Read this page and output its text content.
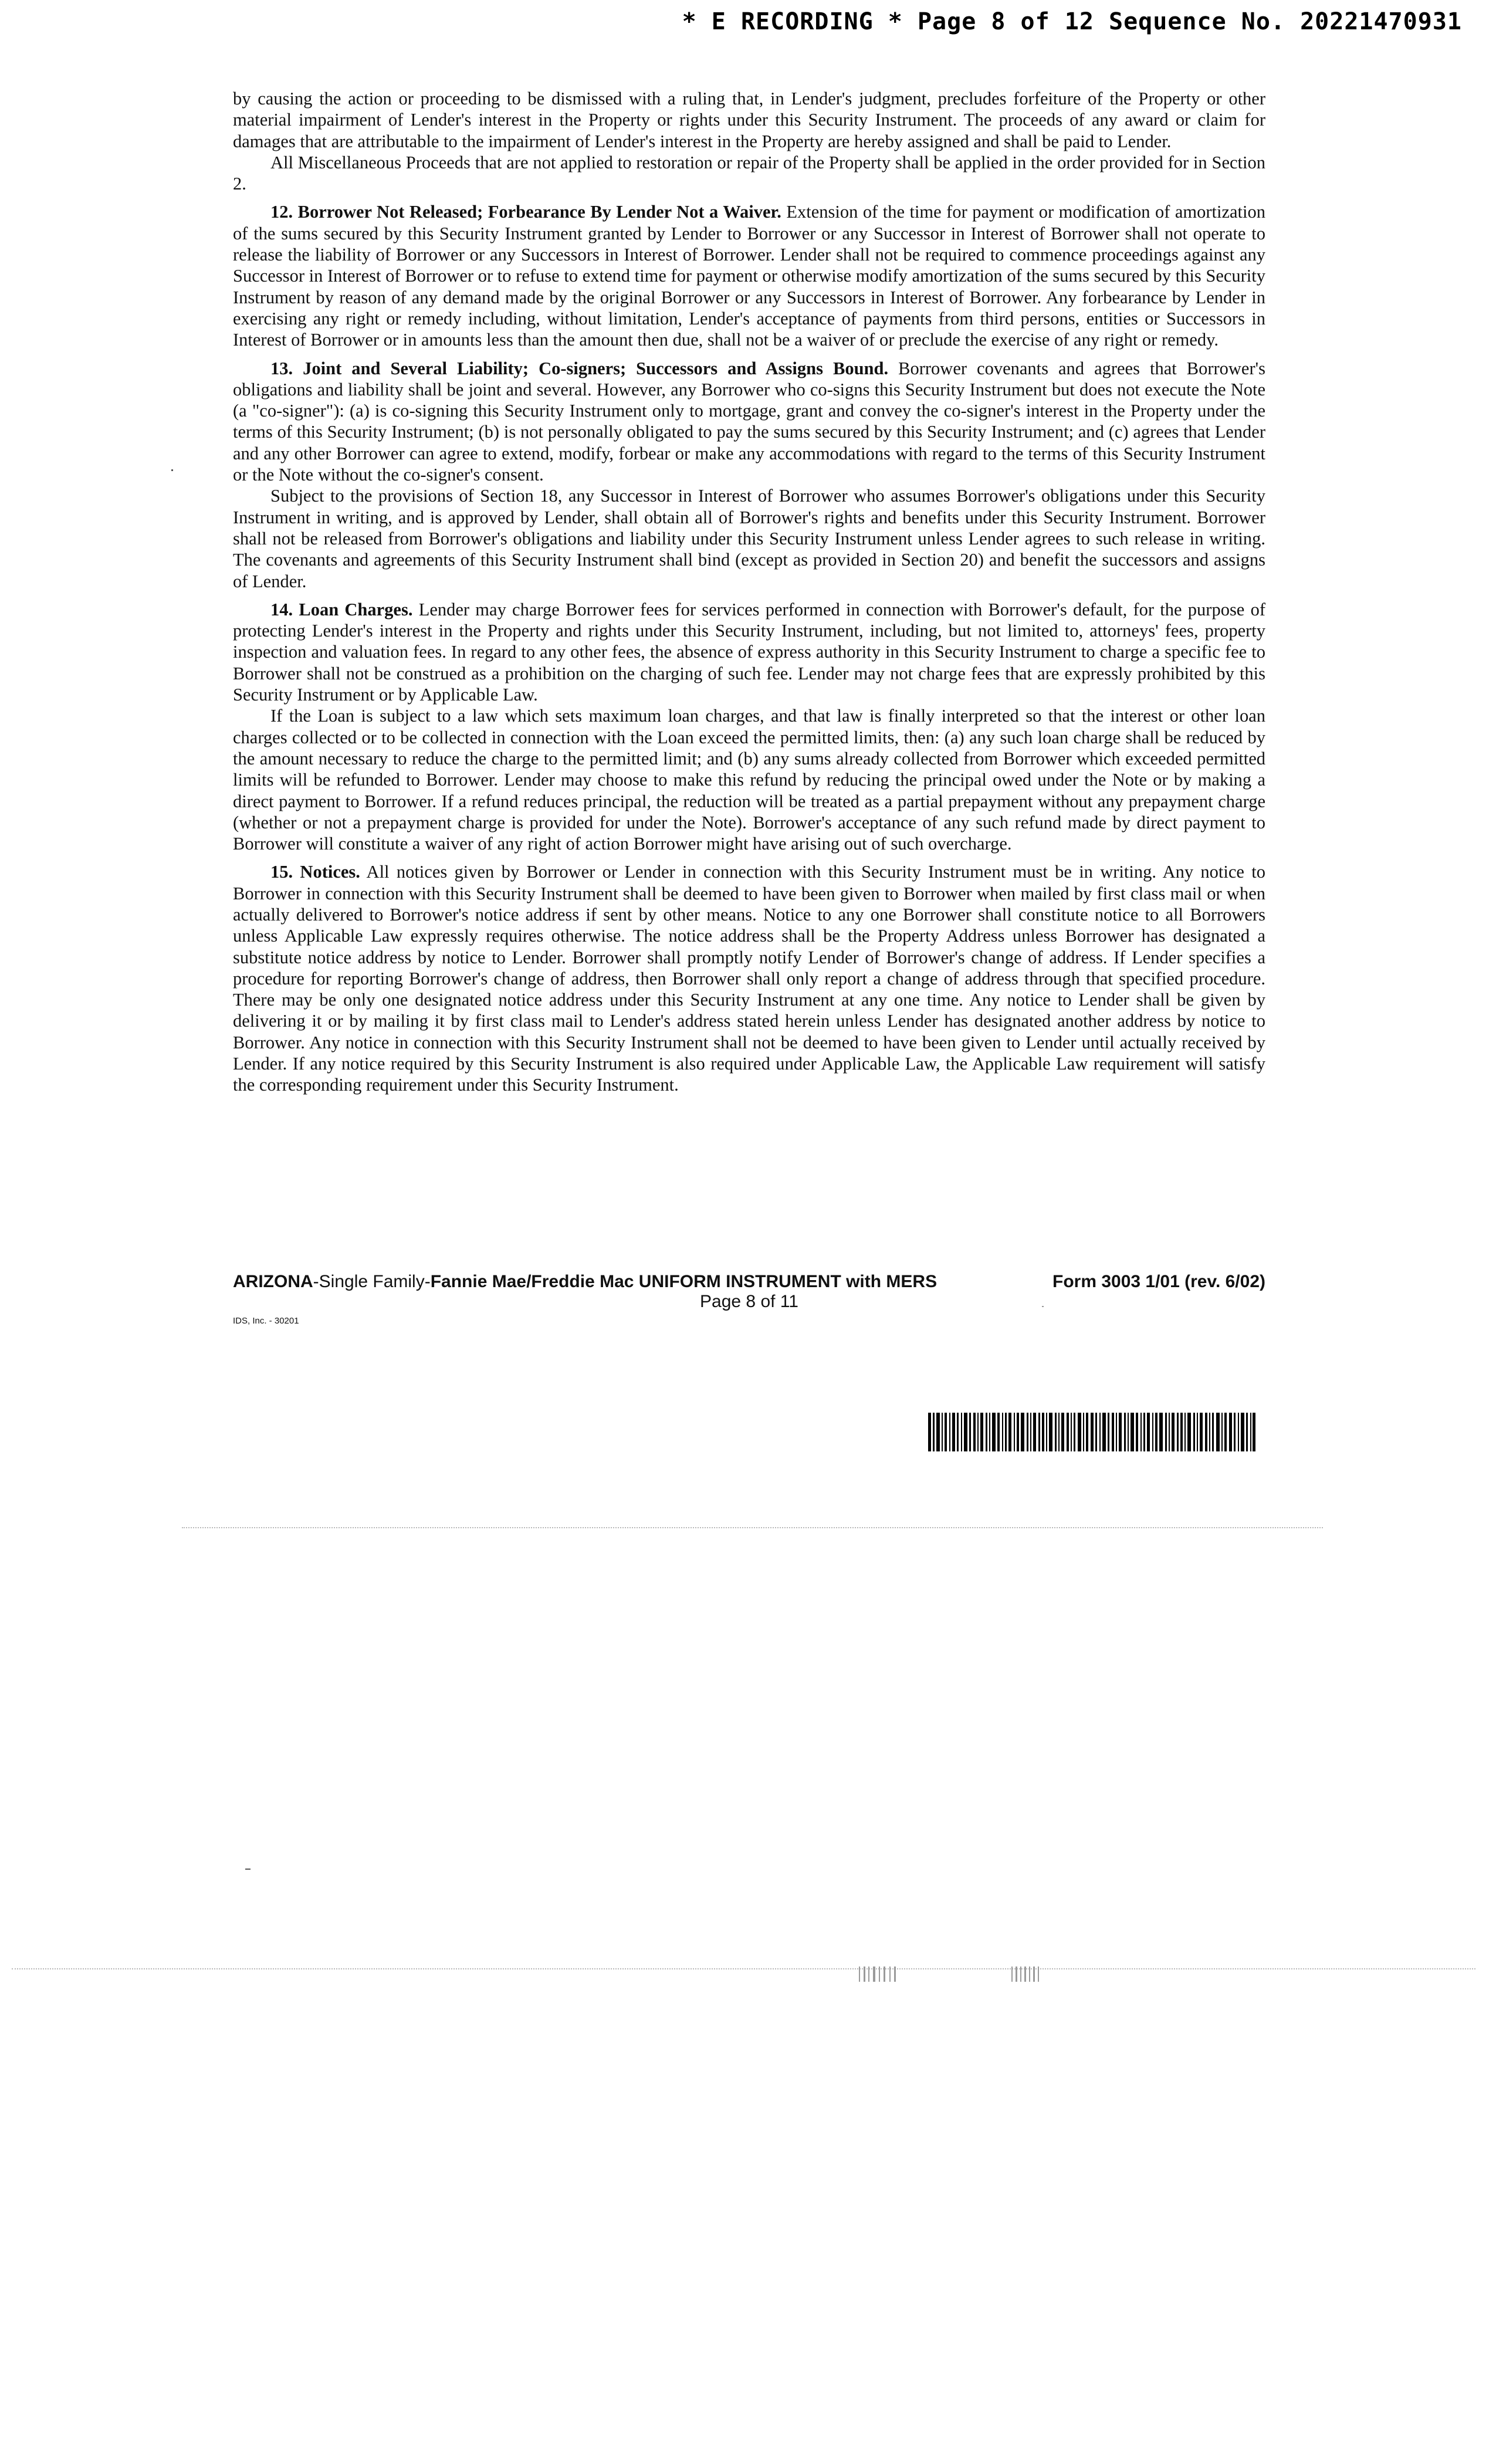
* E RECORDING * Page 8 of 12 Sequence No. 20221470931

by causing the action or proceeding to be dismissed with a ruling that, in Lender's judgment, precludes forfeiture of the Property or other material impairment of Lender's interest in the Property or rights under this Security Instrument. The proceeds of any award or claim for damages that are attributable to the impairment of Lender's interest in the Property are hereby assigned and shall be paid to Lender.

All Miscellaneous Proceeds that are not applied to restoration or repair of the Property shall be applied in the order provided for in Section 2.

12. Borrower Not Released; Forbearance By Lender Not a Waiver. Extension of the time for payment or modification of amortization of the sums secured by this Security Instrument granted by Lender to Borrower or any Successor in Interest of Borrower shall not operate to release the liability of Borrower or any Successors in Interest of Borrower. Lender shall not be required to commence proceedings against any Successor in Interest of Borrower or to refuse to extend time for payment or otherwise modify amortization of the sums secured by this Security Instrument by reason of any demand made by the original Borrower or any Successors in Interest of Borrower. Any forbearance by Lender in exercising any right or remedy including, without limitation, Lender's acceptance of payments from third persons, entities or Successors in Interest of Borrower or in amounts less than the amount then due, shall not be a waiver of or preclude the exercise of any right or remedy.

13. Joint and Several Liability; Co-signers; Successors and Assigns Bound. Borrower covenants and agrees that Borrower's obligations and liability shall be joint and several. However, any Borrower who co-signs this Security Instrument but does not execute the Note (a "co-signer"): (a) is co-signing this Security Instrument only to mortgage, grant and convey the co-signer's interest in the Property under the terms of this Security Instrument; (b) is not personally obligated to pay the sums secured by this Security Instrument; and (c) agrees that Lender and any other Borrower can agree to extend, modify, forbear or make any accommodations with regard to the terms of this Security Instrument or the Note without the co-signer's consent.

Subject to the provisions of Section 18, any Successor in Interest of Borrower who assumes Borrower's obligations under this Security Instrument in writing, and is approved by Lender, shall obtain all of Borrower's rights and benefits under this Security Instrument. Borrower shall not be released from Borrower's obligations and liability under this Security Instrument unless Lender agrees to such release in writing. The covenants and agreements of this Security Instrument shall bind (except as provided in Section 20) and benefit the successors and assigns of Lender.

14. Loan Charges. Lender may charge Borrower fees for services performed in connection with Borrower's default, for the purpose of protecting Lender's interest in the Property and rights under this Security Instrument, including, but not limited to, attorneys' fees, property inspection and valuation fees. In regard to any other fees, the absence of express authority in this Security Instrument to charge a specific fee to Borrower shall not be construed as a prohibition on the charging of such fee. Lender may not charge fees that are expressly prohibited by this Security Instrument or by Applicable Law.

If the Loan is subject to a law which sets maximum loan charges, and that law is finally interpreted so that the interest or other loan charges collected or to be collected in connection with the Loan exceed the permitted limits, then: (a) any such loan charge shall be reduced by the amount necessary to reduce the charge to the permitted limit; and (b) any sums already collected from Borrower which exceeded permitted limits will be refunded to Borrower. Lender may choose to make this refund by reducing the principal owed under the Note or by making a direct payment to Borrower. If a refund reduces principal, the reduction will be treated as a partial prepayment without any prepayment charge (whether or not a prepayment charge is provided for under the Note). Borrower's acceptance of any such refund made by direct payment to Borrower will constitute a waiver of any right of action Borrower might have arising out of such overcharge.

15. Notices. All notices given by Borrower or Lender in connection with this Security Instrument must be in writing. Any notice to Borrower in connection with this Security Instrument shall be deemed to have been given to Borrower when mailed by first class mail or when actually delivered to Borrower's notice address if sent by other means. Notice to any one Borrower shall constitute notice to all Borrowers unless Applicable Law expressly requires otherwise. The notice address shall be the Property Address unless Borrower has designated a substitute notice address by notice to Lender. Borrower shall promptly notify Lender of Borrower's change of address. If Lender specifies a procedure for reporting Borrower's change of address, then Borrower shall only report a change of address through that specified procedure. There may be only one designated notice address under this Security Instrument at any one time. Any notice to Lender shall be given by delivering it or by mailing it by first class mail to Lender's address stated herein unless Lender has designated another address by notice to Borrower. Any notice in connection with this Security Instrument shall not be deemed to have been given to Lender until actually received by Lender. If any notice required by this Security Instrument is also required under Applicable Law, the Applicable Law requirement will satisfy the corresponding requirement under this Security Instrument.

ARIZONA-Single Family-Fannie Mae/Freddie Mac UNIFORM INSTRUMENT with MERS	Form 3003 1/01 (rev. 6/02)
Page 8 of 11
IDS, Inc. - 30201
